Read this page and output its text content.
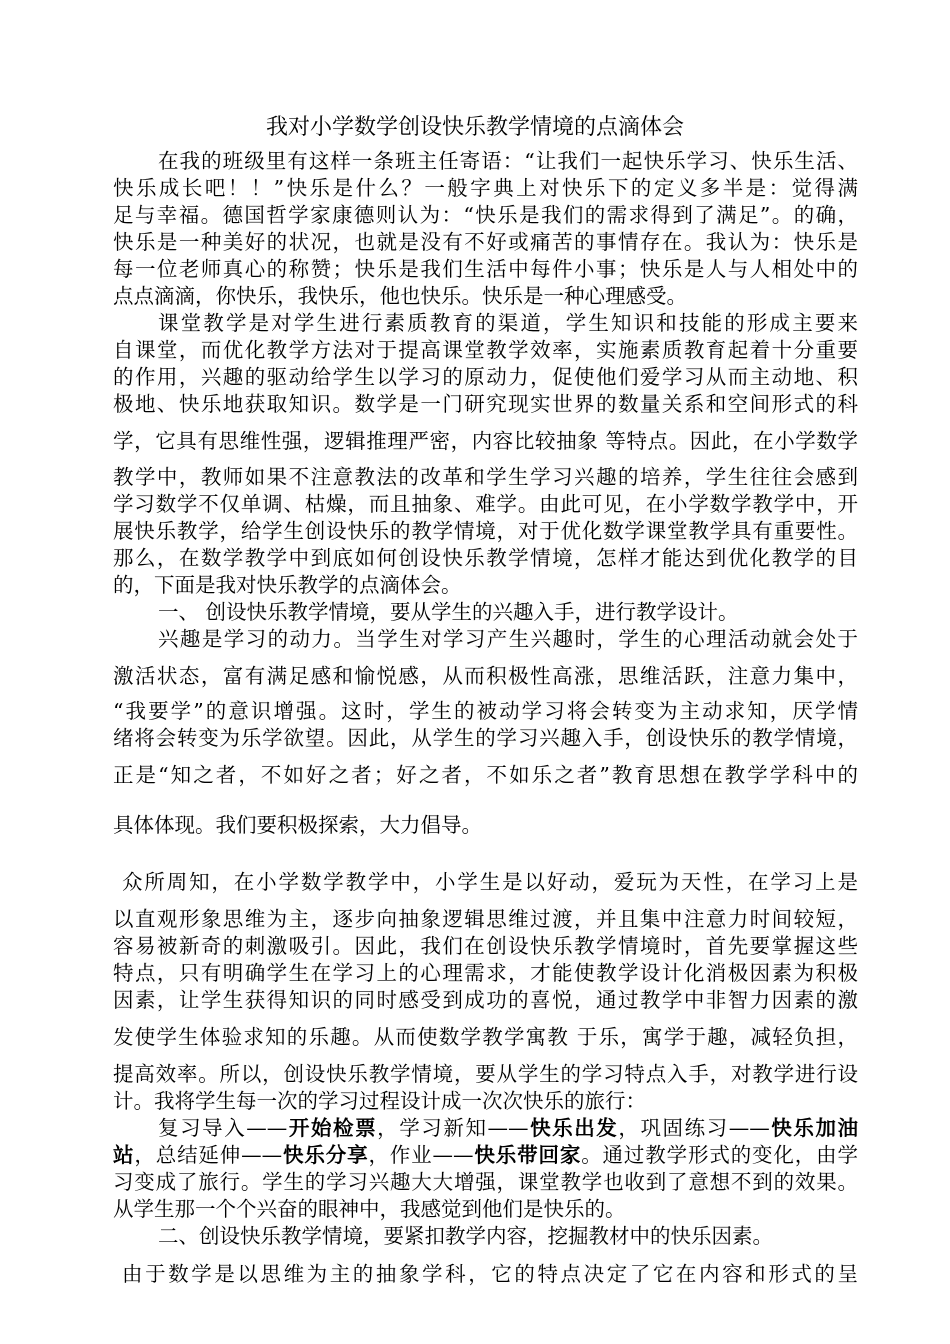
我对小学数学创设快乐教学情境的点滴体会
在我的班级里有这样一条班主任寄语：“让我们一起快乐学习、快乐生活、
快乐成长吧！！”快乐是什么？一般字典上对快乐下的定义多半是：觉得满
足与幸福。德国哲学家康德则认为：“快乐是我们的需求得到了满足”。的确，
快乐是一种美好的状况，也就是没有不好或痛苦的事情存在。我认为：快乐是
每一位老师真心的称赞；快乐是我们生活中每件小事；快乐是人与人相处中的
点点滴滴，你快乐，我快乐，他也快乐。快乐是一种心理感受。
课堂教学是对学生进行素质教育的渠道，学生知识和技能的形成主要来
自课堂，而优化教学方法对于提高课堂教学效率，实施素质教育起着十分重要
的作用，兴趣的驱动给学生以学习的原动力，促使他们爱学习从而主动地、积
极地、快乐地获取知识。数学是一门研究现实世界的数量关系和空间形式的科
学，它具有思维性强，逻辑推理严密，内容比较抽象 等特点。因此，在小学数学
教学中，教师如果不注意教法的改革和学生学习兴趣的培养，学生往往会感到
学习数学不仅单调、枯燥，而且抽象、难学。由此可见，在小学数学教学中，开
展快乐教学，给学生创设快乐的教学情境，对于优化数学课堂教学具有重要性。
那么，在数学教学中到底如何创设快乐教学情境，怎样才能达到优化教学的目
的，下面是我对快乐教学的点滴体会。
一、 创设快乐教学情境，要从学生的兴趣入手，进行教学设计。
兴趣是学习的动力。当学生对学习产生兴趣时，学生的心理活动就会处于
激活状态，富有满足感和愉悦感，从而积极性高涨，思维活跃，注意力集中，
“我要学”的意识增强。这时，学生的被动学习将会转变为主动求知，厌学情
绪将会转变为乐学欲望。因此，从学生的学习兴趣入手，创设快乐的教学情境，
正是“知之者，不如好之者；好之者，不如乐之者”教育思想在教学学科中的
具体体现。我们要积极探索，大力倡导。
众所周知，在小学数学教学中，小学生是以好动，爱玩为天性，在学习上是
以直观形象思维为主，逐步向抽象逻辑思维过渡，并且集中注意力时间较短，
容易被新奇的刺激吸引。因此，我们在创设快乐教学情境时，首先要掌握这些
特点，只有明确学生在学习上的心理需求，才能使教学设计化消极因素为积极
因素，让学生获得知识的同时感受到成功的喜悦，通过教学中非智力因素的激
发使学生体验求知的乐趣。从而使数学教学寓教 于乐，寓学于趣，减轻负担，
提高效率。所以，创设快乐教学情境，要从学生的学习特点入手，对教学进行设
计。我将学生每一次的学习过程设计成一次次快乐的旅行：
复习导入——开始检票，学习新知——快乐出发，巩固练习——快乐加油
站，总结延伸——快乐分享，作业——快乐带回家。通过教学形式的变化，由学
习变成了旅行。学生的学习兴趣大大增强，课堂教学也收到了意想不到的效果。
从学生那一个个兴奋的眼神中，我感觉到他们是快乐的。
二、创设快乐教学情境，要紧扣教学内容，挖掘教材中的快乐因素。
由于数学是以思维为主的抽象学科，它的特点决定了它在内容和形式的呈
